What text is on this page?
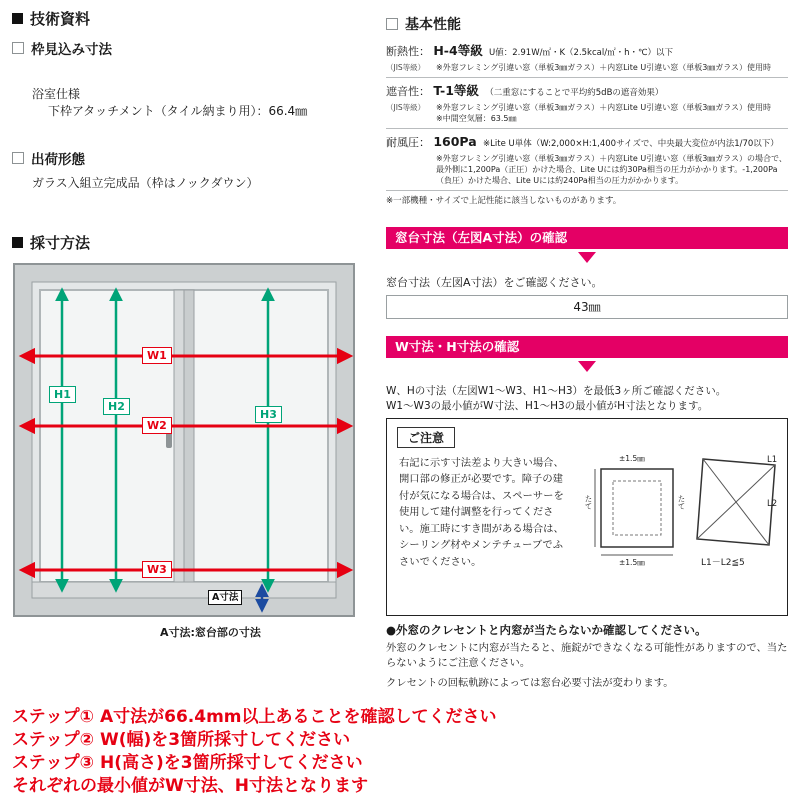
技術資料
枠見込み寸法
浴室仕様
下枠アタッチメント（タイル納まり用）：66.4㎜
出荷形態
ガラス入組立完成品（枠はノックダウン）
採寸方法
H1
H2
H3
W1
W2
W3
A寸法
A寸法:窓台部の寸法
基本性能
断熱性： H-4等級 U値：2.91W/㎡・K（2.5kcal/㎡・h・℃）以下
（JIS等級）	※外窓フレミング引違い窓（単板3㎜ガラス）＋内窓Lite U引違い窓（単板3㎜ガラス）使用時
遮音性： T-1等級 （二重窓にすることで平均約5dBの遮音効果）
（JIS等級）	※外窓フレミング引違い窓（単板3㎜ガラス）＋内窓Lite U引違い窓（単板3㎜ガラス）使用時
※中間空気層：63.5㎜
耐風圧： 160Pa ※Lite U単体（W:2,000×H:1,400サイズで、中央最大変位が内法1/70以下）
※外窓フレミング引違い窓（単板3㎜ガラス）＋内窓Lite U引違い窓（単板3㎜ガラス）の場合で、最外側に1,200Pa（正圧）かけた場合、Lite Uには約30Pa相当の圧力がかかります。-1,200Pa（負圧）かけた場合、Lite Uには約240Pa相当の圧力がかかります。
※一部機種・サイズで上記性能に該当しないものがあります。
窓台寸法（左図A寸法）の確認
窓台寸法（左図A寸法）をご確認ください。
43㎜
W寸法・H寸法の確認
W、Hの寸法（左図W1～W3、H1～H3）を最低3ヶ所ご確認ください。
W1～W3の最小値がW寸法、H1～H3の最小値がH寸法となります。
ご注意
右記に示す寸法差より大きい場合、開口部の修正が必要です。障子の建付が気になる場合は、スペーサーを使用して建付調整を行ってください。施工時にすき間がある場合は、シーリング材やメンテチューブでふさいでください。
±1.5㎜
たて	たて
±1.5㎜
L1
L2
L1－L2≦5
●外窓のクレセントと内窓が当たらないか確認してください。
外窓のクレセントに内窓が当たると、施錠ができなくなる可能性がありますので、当たらないようにご注意ください。
クレセントの回転軌跡によっては窓台必要寸法が変わります。
ステップ① A寸法が66.4mm以上あることを確認してください
ステップ② W(幅)を3箇所採寸してください
ステップ③ H(高さ)を3箇所採寸してください
それぞれの最小値がW寸法、H寸法となります
